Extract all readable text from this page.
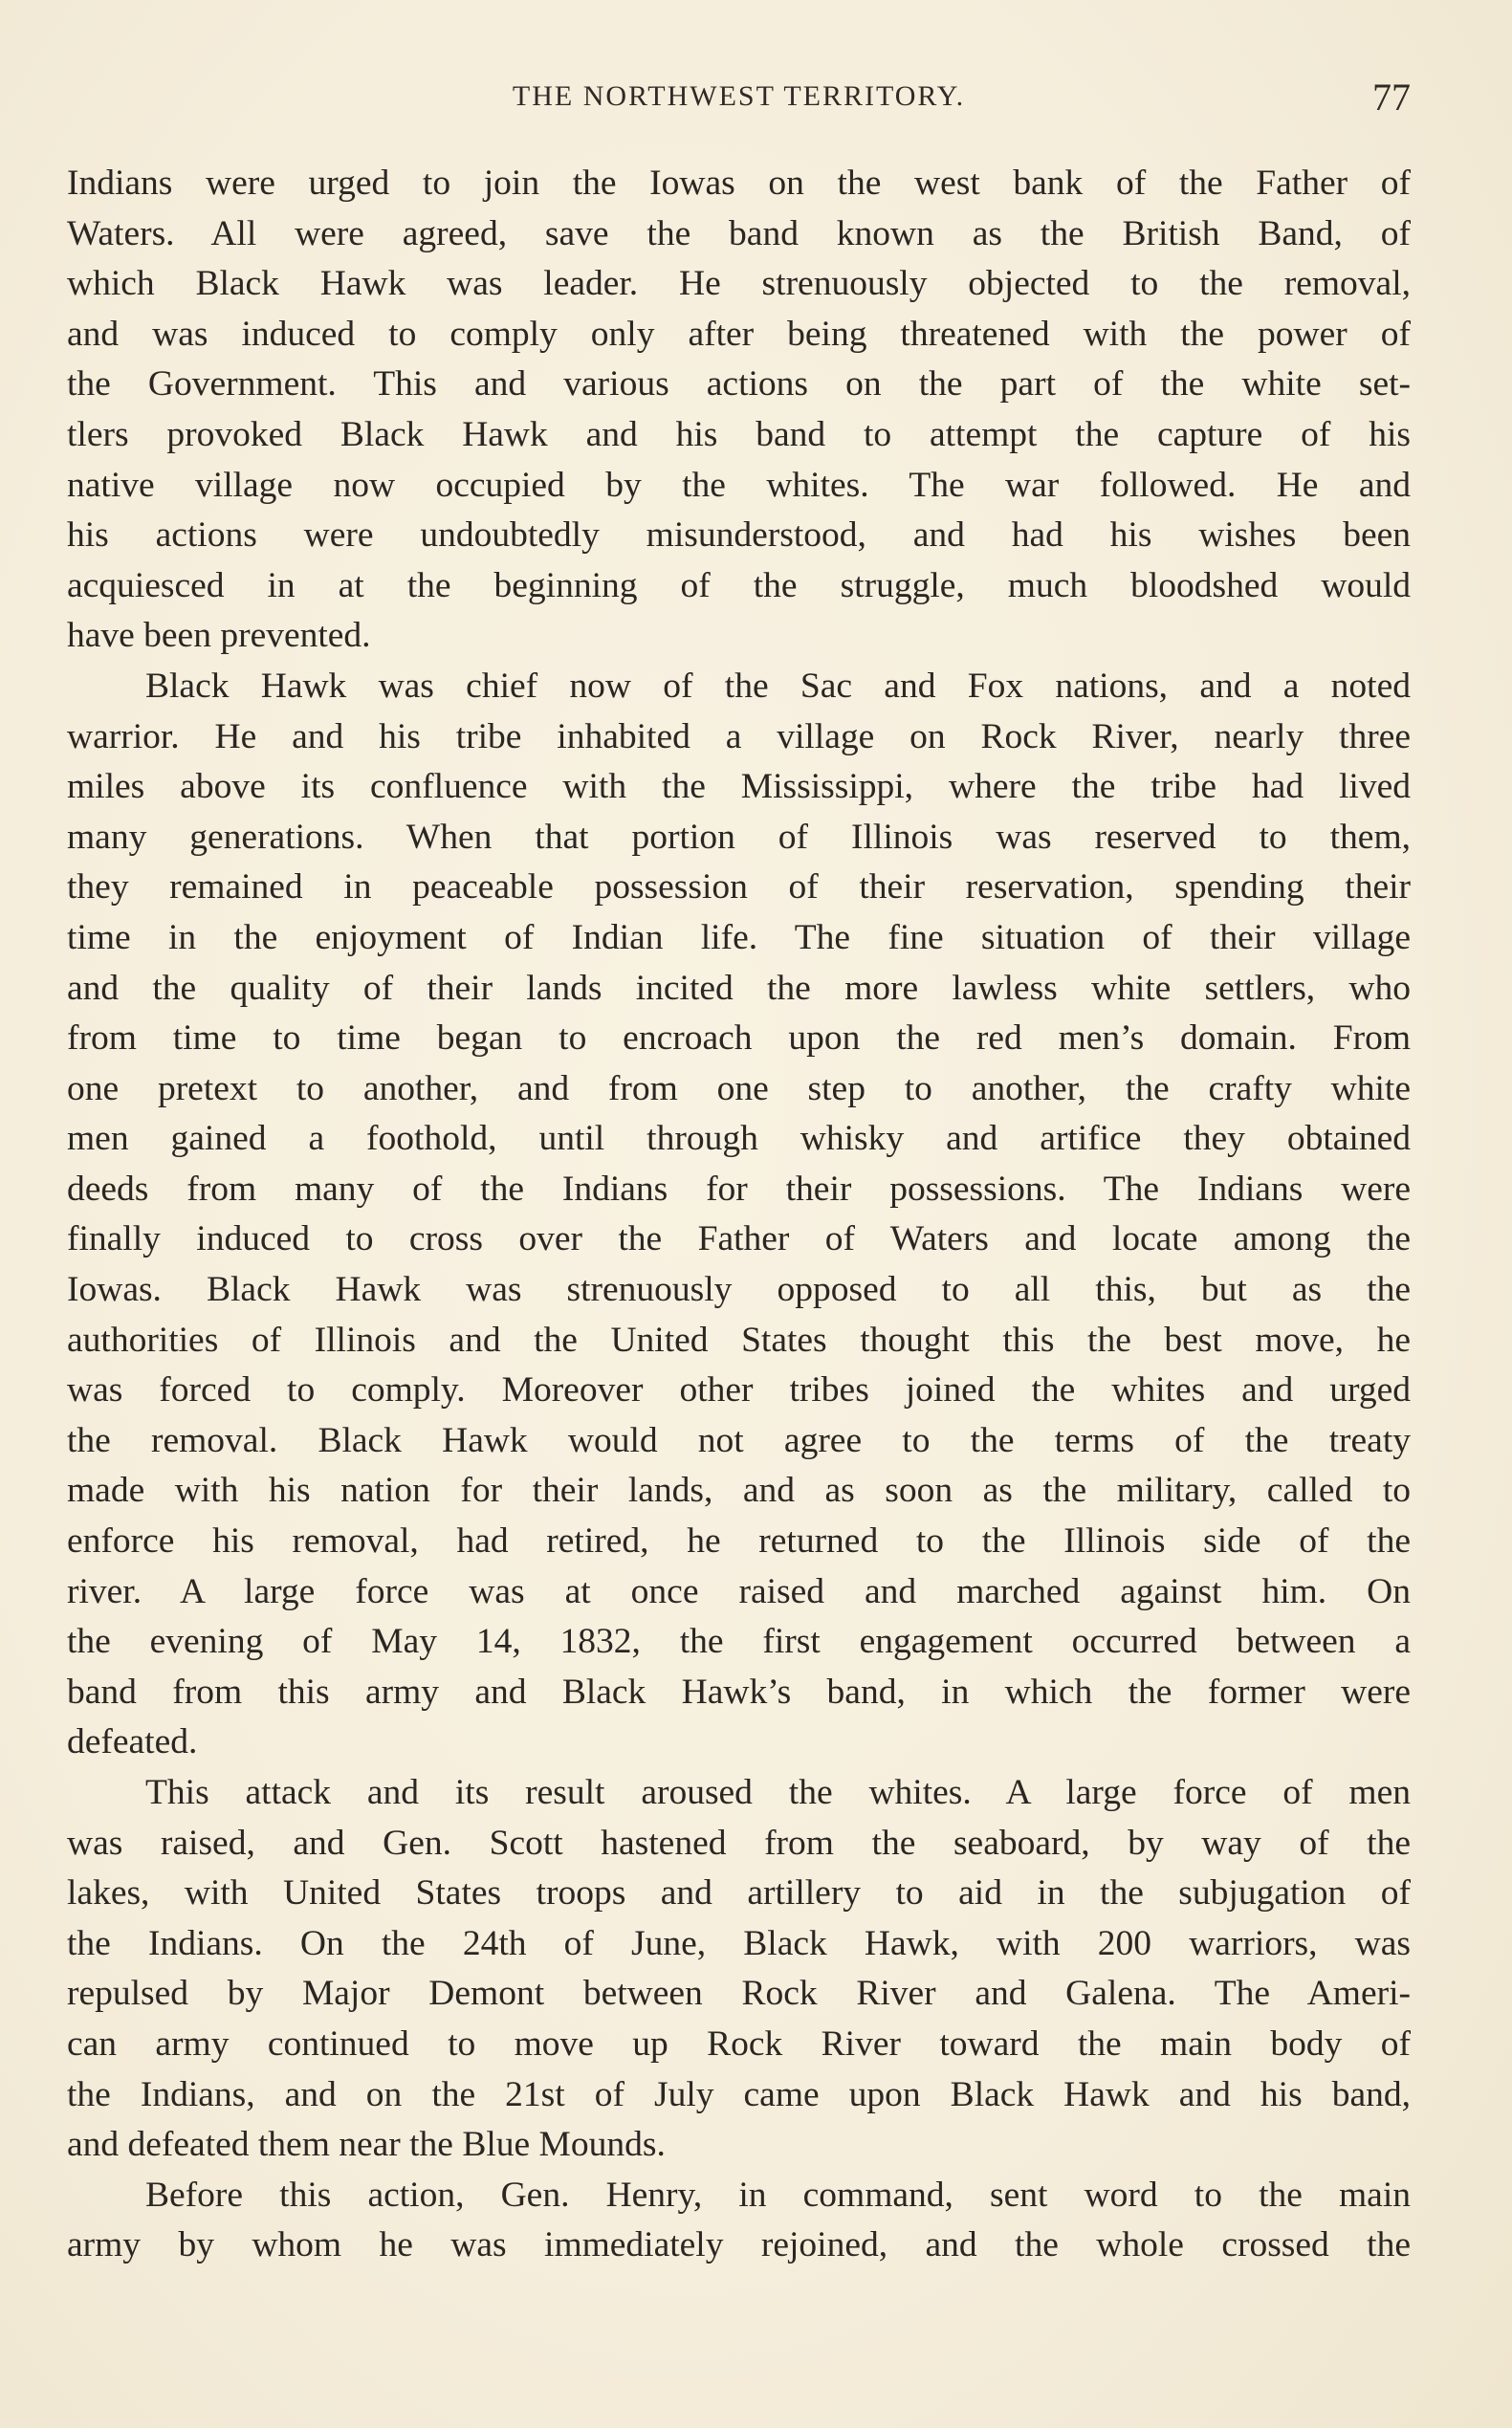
THE NORTHWEST TERRITORY.	77
Indians were urged to join the Iowas on the west bank of the Father of
Waters. All were agreed, save the band known as the British Band, of
which Black Hawk was leader. He strenuously objected to the removal,
and was induced to comply only after being threatened with the power of
the Government. This and various actions on the part of the white set-
tlers provoked Black Hawk and his band to attempt the capture of his
native village now occupied by the whites. The war followed. He and
his actions were undoubtedly misunderstood, and had his wishes been
acquiesced in at the beginning of the struggle, much bloodshed would
have been prevented.
Black Hawk was chief now of the Sac and Fox nations, and a noted
warrior. He and his tribe inhabited a village on Rock River, nearly three
miles above its confluence with the Mississippi, where the tribe had lived
many generations. When that portion of Illinois was reserved to them,
they remained in peaceable possession of their reservation, spending their
time in the enjoyment of Indian life. The fine situation of their village
and the quality of their lands incited the more lawless white settlers, who
from time to time began to encroach upon the red men’s domain. From
one pretext to another, and from one step to another, the crafty white
men gained a foothold, until through whisky and artifice they obtained
deeds from many of the Indians for their possessions. The Indians were
finally induced to cross over the Father of Waters and locate among the
Iowas. Black Hawk was strenuously opposed to all this, but as the
authorities of Illinois and the United States thought this the best move, he
was forced to comply. Moreover other tribes joined the whites and urged
the removal. Black Hawk would not agree to the terms of the treaty
made with his nation for their lands, and as soon as the military, called to
enforce his removal, had retired, he returned to the Illinois side of the
river. A large force was at once raised and marched against him. On
the evening of May 14, 1832, the first engagement occurred between a
band from this army and Black Hawk’s band, in which the former were
defeated.
This attack and its result aroused the whites. A large force of men
was raised, and Gen. Scott hastened from the seaboard, by way of the
lakes, with United States troops and artillery to aid in the subjugation of
the Indians. On the 24th of June, Black Hawk, with 200 warriors, was
repulsed by Major Demont between Rock River and Galena. The Ameri-
can army continued to move up Rock River toward the main body of
the Indians, and on the 21st of July came upon Black Hawk and his band,
and defeated them near the Blue Mounds.
Before this action, Gen. Henry, in command, sent word to the main
army by whom he was immediately rejoined, and the whole crossed the
